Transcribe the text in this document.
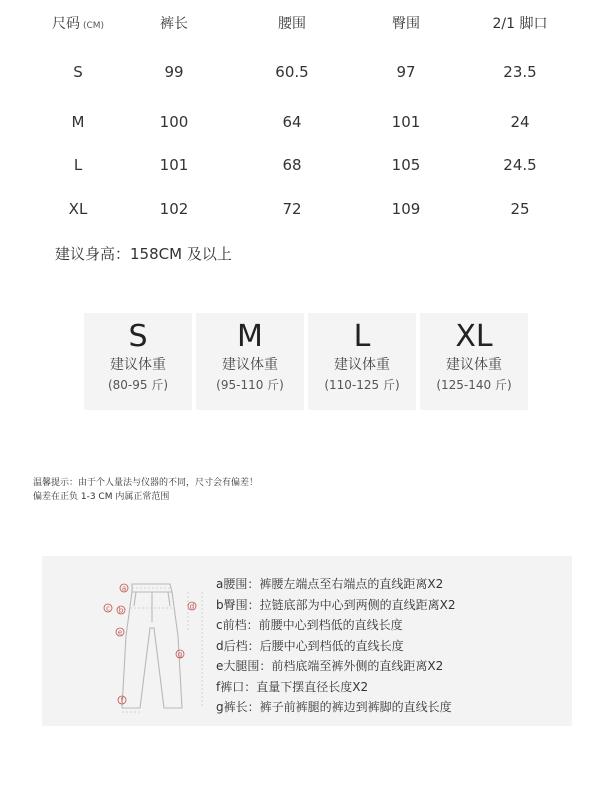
尺码 (CM)	裤长	腰围	臀围	2/1 脚口
S	99	60.5	97	23.5
M	100	64	101	24
L	101	68	105	24.5
XL	102	72	109	25
建议身高：158CM 及以上
S
建议体重
(80-95 斤)
M
建议体重
(95-110 斤)
L
建议体重
(110-125 斤)
XL
建议体重
(125-140 斤)
温馨提示：由于个人量法与仪器的不同，尺寸会有偏差！
偏差在正负 1-3 CM 内属正常范围
a
c b	d
e
g
f
a腰围：裤腰左端点至右端点的直线距离X2
b臀围：拉链底部为中心到两侧的直线距离X2
c前档：前腰中心到档低的直线长度
d后档：后腰中心到档低的直线长度
e大腿围：前档底端至裤外侧的直线距离X2
f裤口：直量下摆直径长度X2
g裤长：裤子前裤腿的裤边到裤脚的直线长度
